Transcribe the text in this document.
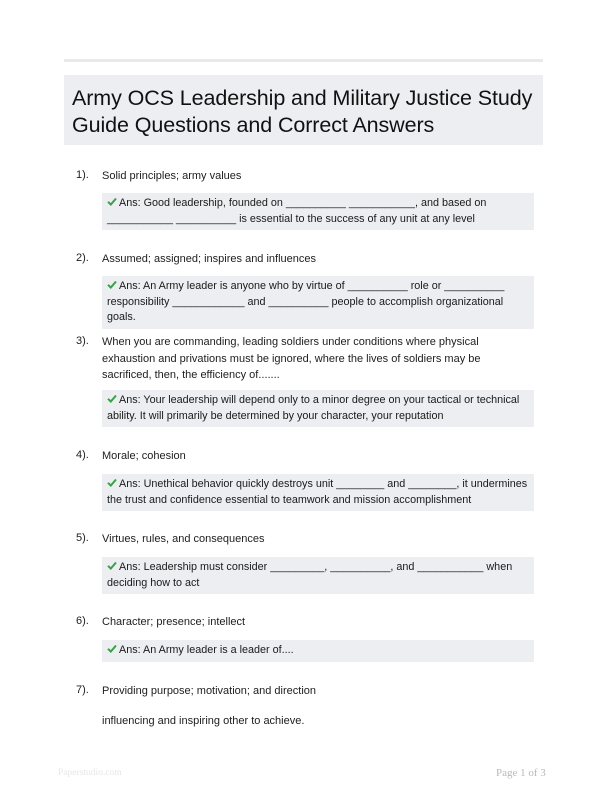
Army OCS Leadership and Military Justice Study Guide Questions and Correct Answers
1). Solid principles; army values
Ans: Good leadership, founded on __________ ___________, and based on ___________ __________ is essential to the success of any unit at any level
2). Assumed; assigned; inspires and influences
Ans: An Army leader is anyone who by virtue of __________ role or __________ responsibility ____________ and __________ people to accomplish organizational goals.
3). When you are commanding, leading soldiers under conditions where physical exhaustion and privations must be ignored, where the lives of soldiers may be sacrificed, then, the efficiency of.......
Ans: Your leadership will depend only to a minor degree on your tactical or technical ability. It will primarily be determined by your character, your reputation
4). Morale; cohesion
Ans: Unethical behavior quickly destroys unit ________ and ________, it undermines the trust and confidence essential to teamwork and mission accomplishment
5). Virtues, rules, and consequences
Ans: Leadership must consider _________, __________, and ___________ when deciding how to act
6). Character; presence; intellect
Ans: An Army leader is a leader of....
7). Providing purpose; motivation; and direction
influencing and inspiring other to achieve.
Paperstudio.com	Page 1 of 3
